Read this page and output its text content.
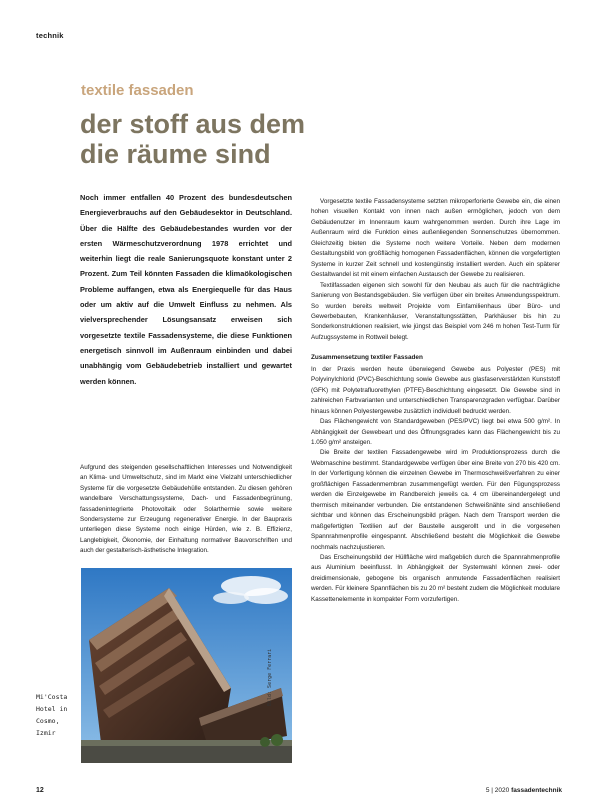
technik
textile fassaden
der stoff aus dem
die räume sind

Noch immer entfallen 40 Prozent des bundesdeutschen Energieverbrauchs auf den Gebäudesektor in Deutschland. Über die Hälfte des Gebäudebestandes wurden vor der ersten Wärmeschutzverordnung 1978 errichtet und weiterhin liegt die reale Sanierungsquote konstant unter 2 Prozent. Zum Teil könnten Fassaden die klimaökologischen Probleme auffangen, etwa als Energiequelle für das Haus oder um aktiv auf die Umwelt Einfluss zu nehmen. Als vielversprechender Lösungsansatz erweisen sich vorgesetzte textile Fassadensysteme, die diese Funktionen energetisch sinnvoll im Außenraum einbinden und dabei unabhängig vom Gebäudebetrieb installiert und gewartet werden können.

Aufgrund des steigenden gesellschaftlichen Interesses und Notwendigkeit an Klima- und Umweltschutz, sind im Markt eine Vielzahl unterschiedlicher Systeme für die vorgesetzte Gebäudehülle entstanden. Zu diesen gehören wandelbare Verschattungssysteme, Dach- und Fassadenbegrünung, fassadenintegrierte Photovoltaik oder Solarthermie sowie weitere Sondersysteme zur Erzeugung regenerativer Energie. In der Baupraxis unterliegen diese Systeme noch einige Hürden, wie z. B. Effizienz, Langlebigkeit, Ökonomie, der Einhaltung normativer Bauvorschriften und auch der gestalterisch-ästhetische Integration.

Mi'Costa Hotel in Cosmo, Izmir
Bild: Serge Ferrari

Vorgesetzte textile Fassadensysteme setzten mikroperforierte Gewebe ein, die einen hohen visuellen Kontakt von innen nach außen ermöglichen, jedoch von dem Gebäudenutzer im Innenraum kaum wahrgenommen werden. Durch ihre Lage im Außenraum wird die Funktion eines außenliegenden Sonnenschutzes übernommen. Gleichzeitig bieten die Systeme noch weitere Vorteile. Neben dem modernen Gestaltungsbild von großflächig homogenen Fassadenflächen, können die vorgefertigten Systeme in kurzer Zeit schnell und kostengünstig installiert werden. Auch ein späterer Gestaltwandel ist mit einem einfachen Austausch der Gewebe zu realisieren.

Textilfassaden eigenen sich sowohl für den Neubau als auch für die nachträgliche Sanierung von Bestandsgebäuden. Sie verfügen über ein breites Anwendungsspektrum. So wurden bereits weltweit Projekte vom Einfamilienhaus über Büro- und Gewerbebauten, Krankenhäuser, Veranstaltungsstätten, Parkhäuser bis hin zu Sonderkonstruktionen realisiert, wie jüngst das Beispiel vom 246 m hohen Test-Turm für Aufzugssysteme in Rottweil belegt.

Zusammensetzung textiler Fassaden

In der Praxis werden heute überwiegend Gewebe aus Polyester (PES) mit Polyvinylchlorid (PVC)-Beschichtung sowie Gewebe aus glasfaserverstärkten Kunststoff (GFK) mit Polytetrafluorethylen (PTFE)-Beschichtung eingesetzt. Die Gewebe sind in zahlreichen Farbvarianten und unterschiedlichen Transparenzgraden verfügbar. Darüber hinaus können Polyestergewebe zusätzlich individuell bedruckt werden.

Das Flächengewicht von Standardgeweben (PES/PVC) liegt bei etwa 500 g/m². In Abhängigkeit der Gewebeart und des Öffnungsgrades kann das Flächengewicht bis zu 1.050 g/m² ansteigen.

Die Breite der textilen Fassadengewebe wird im Produktionsprozess durch die Webmaschine bestimmt. Standardgewebe verfügen über eine Breite von 270 bis 420 cm. In der Vorfertigung können die einzelnen Gewebe im Thermoschweißverfahren zu einer großflächigen Fassadenmembran zusammengefügt werden. Für den Fügungsprozess werden die Einzelgewebe im Randbereich jeweils ca. 4 cm übereinandergelegt und thermisch miteinander verbunden. Die entstandenen Schweißnähte sind anschließend sichtbar und können das Erscheinungsbild prägen. Nach dem Transport werden die maßgefertigten Textilien auf der Baustelle ausgerollt und in die vorgesehen Spannrahmenprofile eingespannt. Abschließend besteht die Möglichkeit die Gewebe nochmals nachzujustieren.

Das Erscheinungsbild der Hüllfläche wird maßgeblich durch die Spannrahmenprofile aus Aluminium beeinflusst. In Abhängigkeit der Systemwahl können zwei- oder dreidimensionale, gebogene bis organisch anmutende Fassadenflächen realisiert werden. Für kleinere Spannflächen bis zu 20 m² besteht zudem die Möglichkeit modulare Kassettenelemente in kompakter Form vorzufertigen.

12	5 | 2020 fassadentechnik
